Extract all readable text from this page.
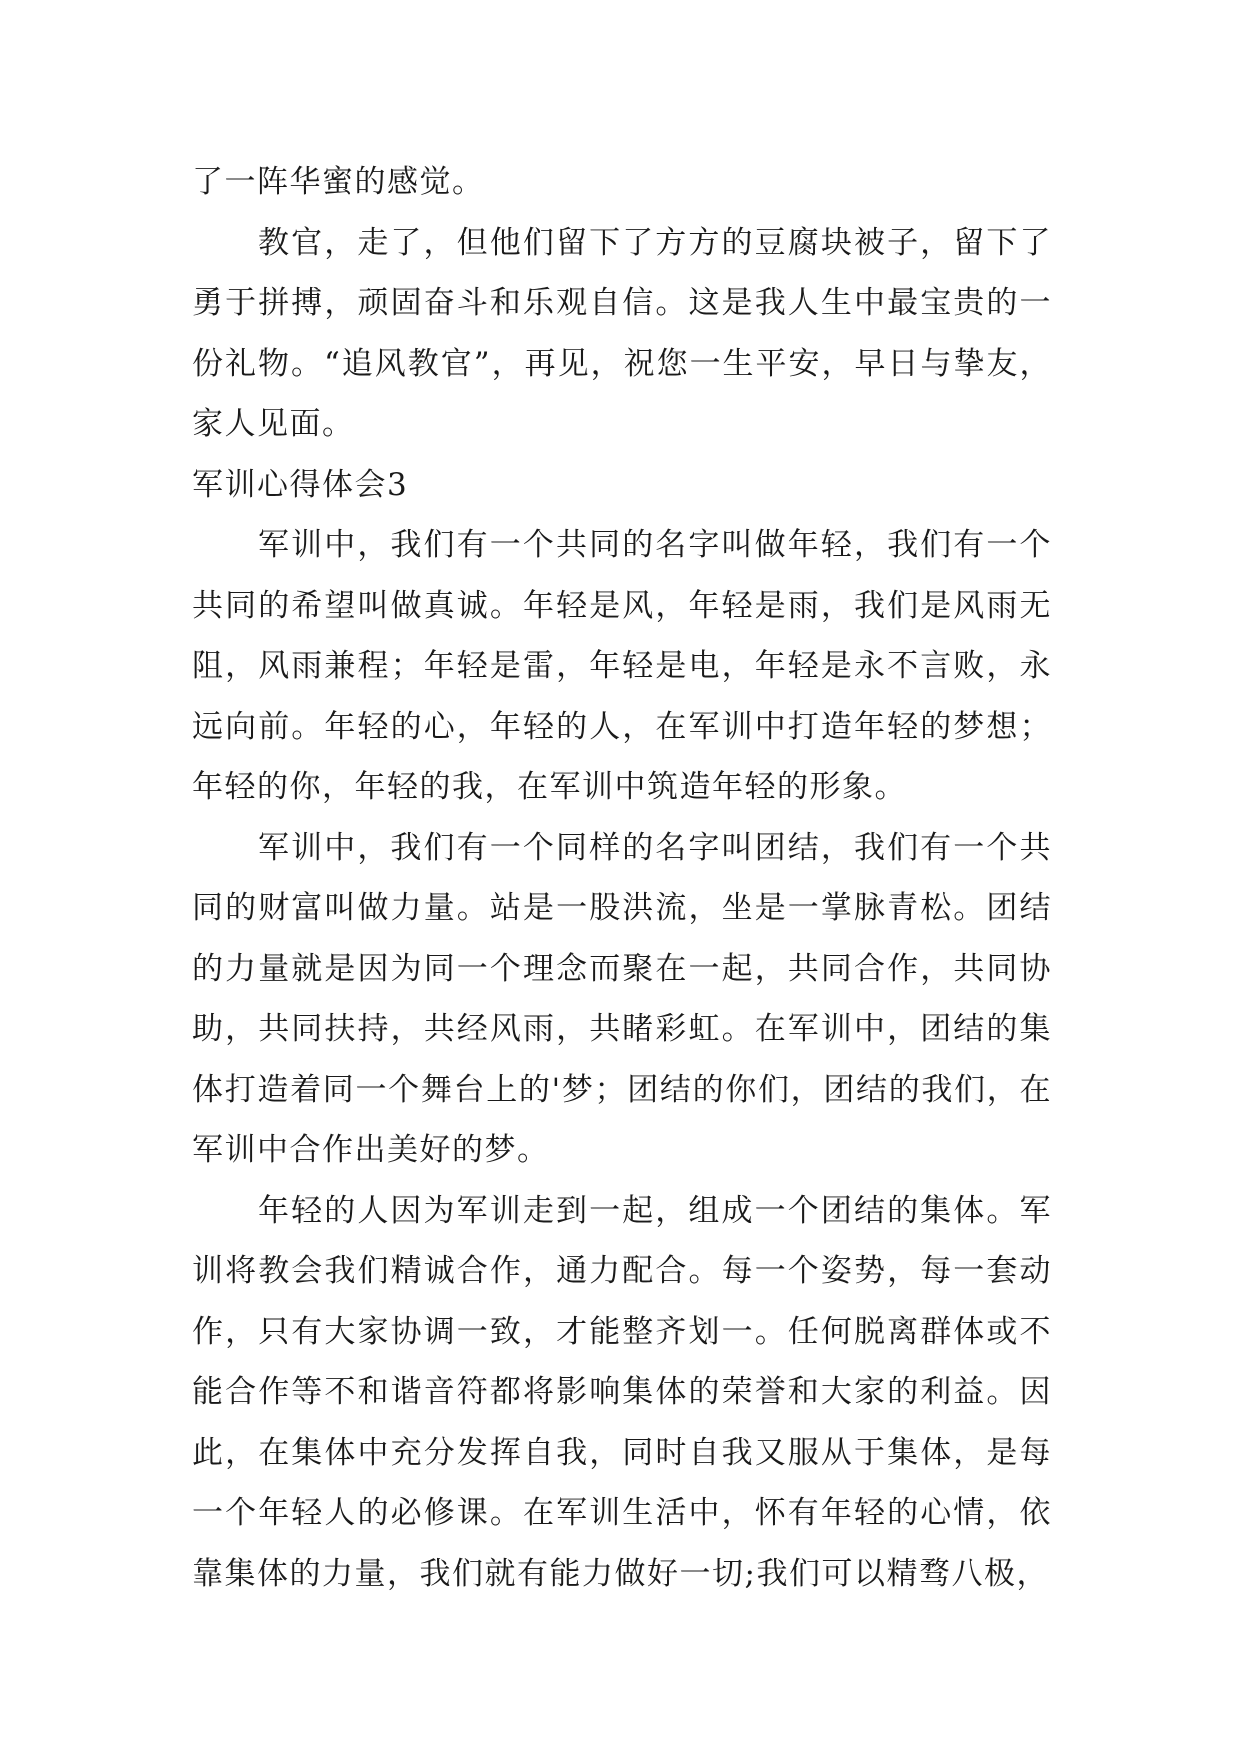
了一阵华蜜的感觉。

教官，走了，但他们留下了方方的豆腐块被子，留下了勇于拼搏，顽固奋斗和乐观自信。这是我人生中最宝贵的一份礼物。“追风教官”，再见，祝您一生平安，早日与挚友，家人见面。

军训心得体会3

军训中，我们有一个共同的名字叫做年轻，我们有一个共同的希望叫做真诚。年轻是风，年轻是雨，我们是风雨无阻，风雨兼程；年轻是雷，年轻是电，年轻是永不言败，永远向前。年轻的心，年轻的人，在军训中打造年轻的梦想；年轻的你，年轻的我，在军训中筑造年轻的形象。

军训中，我们有一个同样的名字叫团结，我们有一个共同的财富叫做力量。站是一股洪流，坐是一掌脉青松。团结的力量就是因为同一个理念而聚在一起，共同合作，共同协助，共同扶持，共经风雨，共睹彩虹。在军训中，团结的集体打造着同一个舞台上的'梦；团结的你们，团结的我们，在军训中合作出美好的梦。

年轻的人因为军训走到一起，组成一个团结的集体。军训将教会我们精诚合作，通力配合。每一个姿势，每一套动作，只有大家协调一致，才能整齐划一。任何脱离群体或不能合作等不和谐音符都将影响集体的荣誉和大家的利益。因此，在集体中充分发挥自我，同时自我又服从于集体，是每一个年轻人的必修课。在军训生活中，怀有年轻的心情，依靠集体的力量，我们就有能力做好一切;我们可以精骛八极，
